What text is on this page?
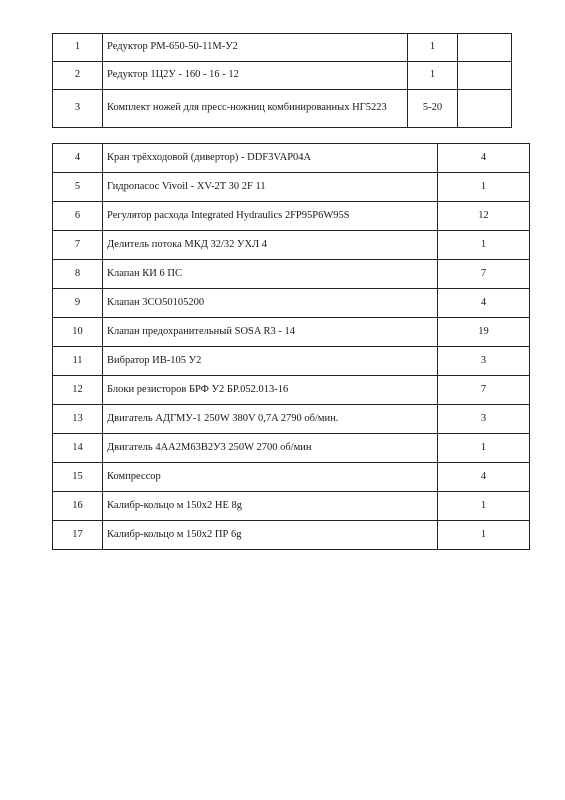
1	Редуктор РМ-650-50-11М-У2	1	
2	Редуктор 1Ц2У - 160 - 16 - 12	1	
3	Комплект ножей для пресс-ножниц комбинированных НГ5223	5-20	
4	Кран трёхходовой (дивертор) - DDF3VAP04A	4
5	Гидропасос Vivoil - XV-2T 30 2F 11	1
6	Регулятор расхода Integrated Hydraulics 2FP95P6W95S	12
7	Делитель потока МКД 32/32 УХЛ 4	1
8	Клапан КИ 6 ПС	7
9	Клапан 3СО50105200	4
10	Клапан предохранительный SOSA R3 - 14	19
11	Вибратор ИВ-105 У2	3
12	Блоки резисторов БРФ У2 БР.052.013-16	7
13	Двигатель АДГМУ-1 250W 380V 0,7A 2790 об/мин.	3
14	Двигатель 4АА2М63В2У3 250W 2700 об/мин	1
15	Компрессор	4
16	Калибр-кольцо м 150х2 НЕ 8g	1
17	Калибр-кольцо м 150х2 ПР 6g	1
